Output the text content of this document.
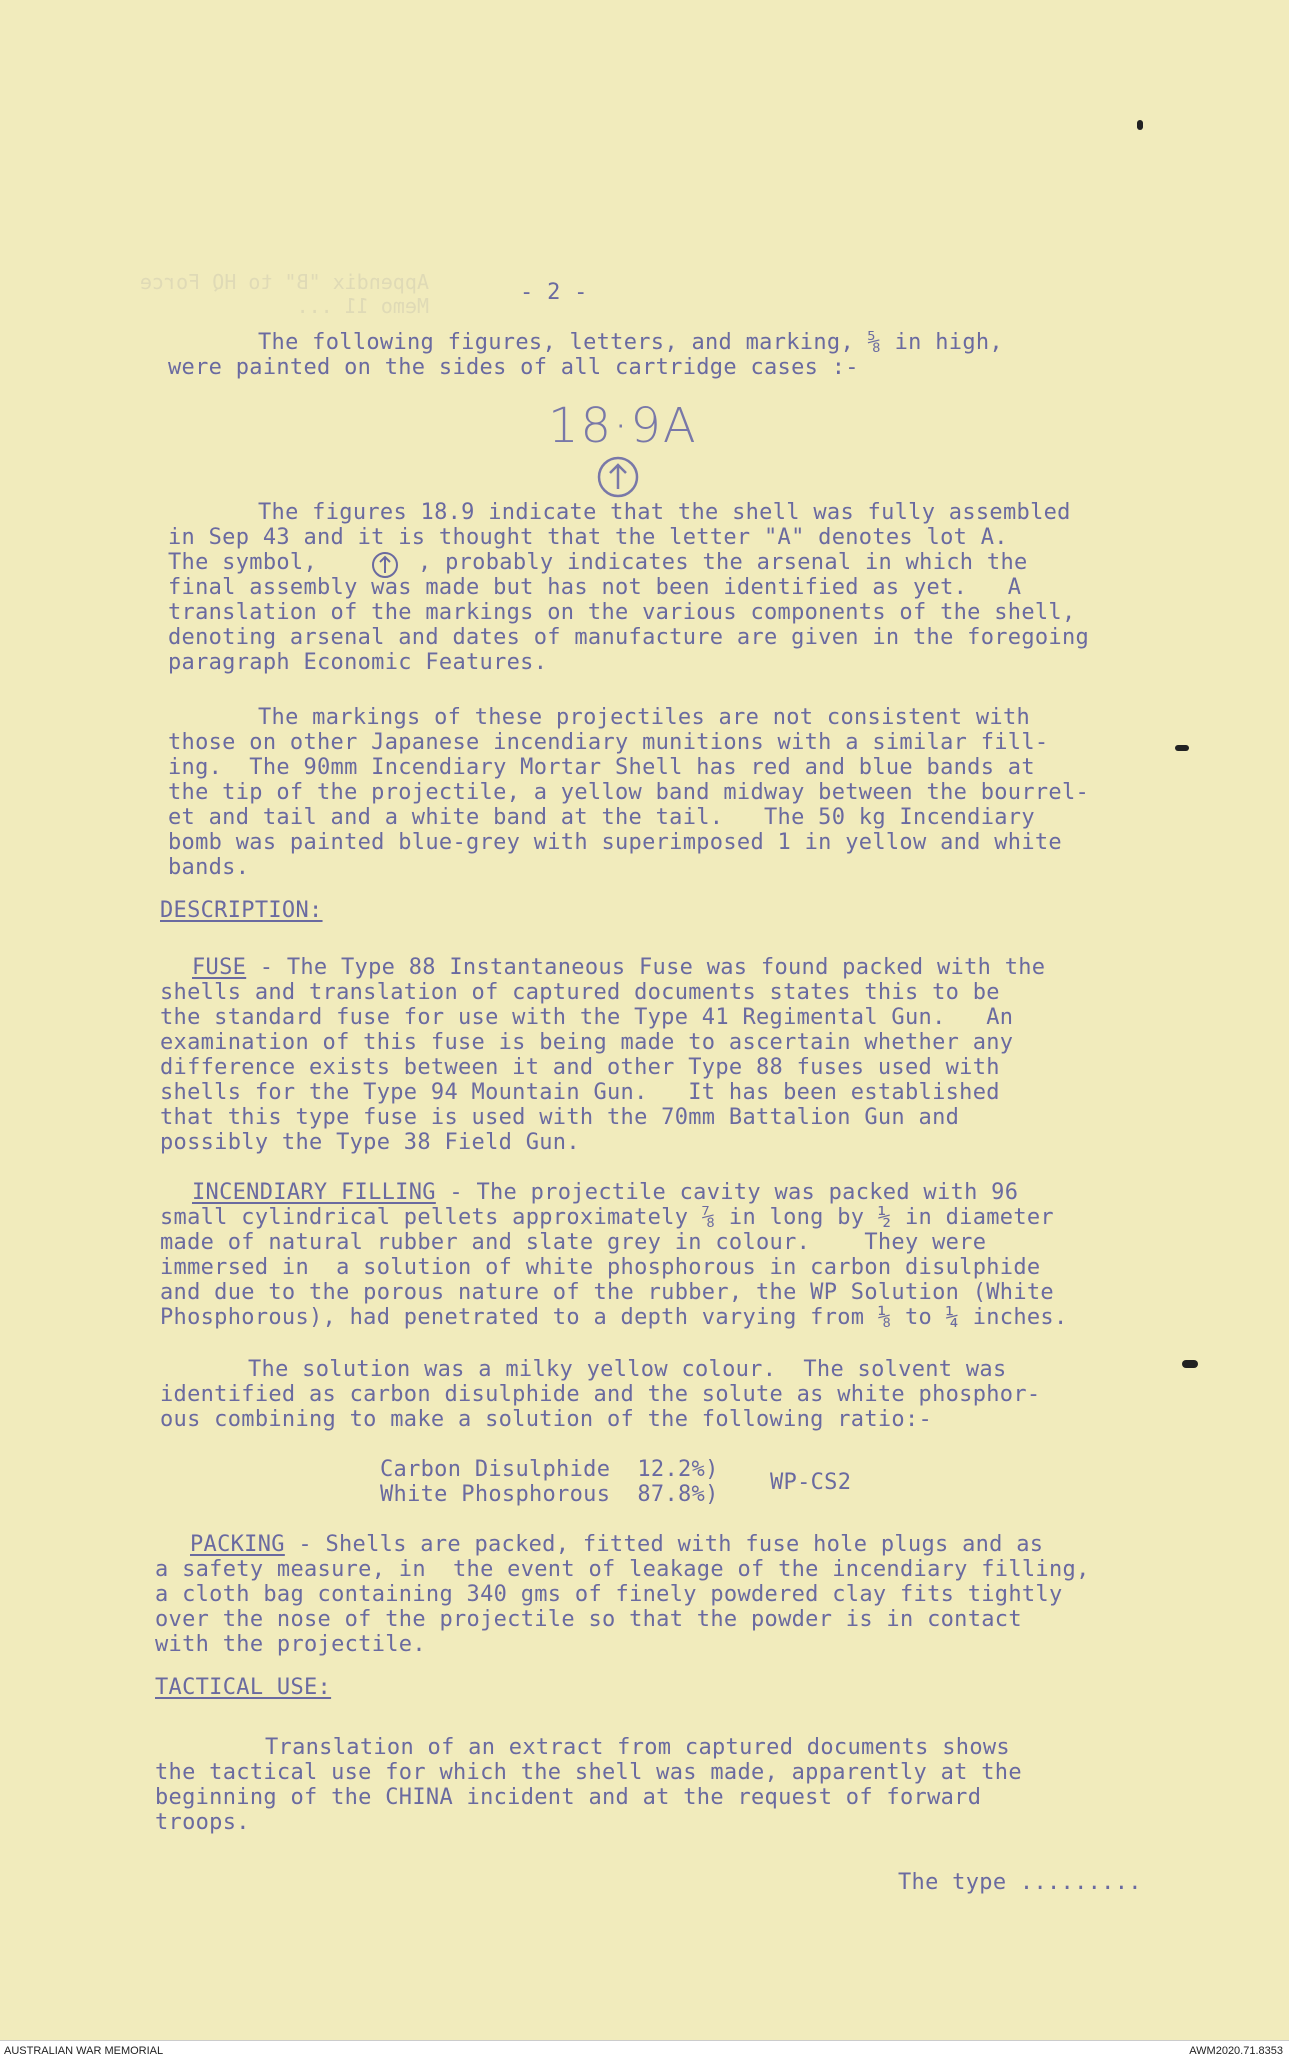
Appendix "B" to HQ Force
Memo 11 ...
- 2 -
The following figures, letters, and marking, ⅝ in high,
were painted on the sides of all cartridge cases :-
18·9A
The figures 18.9 indicate that the shell was fully assembled
in Sep 43 and it is thought that the letter "A" denotes lot A.
The symbol,	, probably indicates the arsenal in which the
final assembly was made but has not been identified as yet.   A
translation of the markings on the various components of the shell,
denoting arsenal and dates of manufacture are given in the foregoing
paragraph Economic Features.
The markings of these projectiles are not consistent with
those on other Japanese incendiary munitions with a similar fill-
ing.  The 90mm Incendiary Mortar Shell has red and blue bands at
the tip of the projectile, a yellow band midway between the bourrel-
et and tail and a white band at the tail.   The 50 kg Incendiary
bomb was painted blue-grey with superimposed 1 in yellow and white
bands.
DESCRIPTION:
FUSE - The Type 88 Instantaneous Fuse was found packed with the
shells and translation of captured documents states this to be
the standard fuse for use with the Type 41 Regimental Gun.   An
examination of this fuse is being made to ascertain whether any
difference exists between it and other Type 88 fuses used with
shells for the Type 94 Mountain Gun.   It has been established
that this type fuse is used with the 70mm Battalion Gun and
possibly the Type 38 Field Gun.
INCENDIARY FILLING - The projectile cavity was packed with 96
small cylindrical pellets approximately ⅞ in long by ½ in diameter
made of natural rubber and slate grey in colour.    They were
immersed in  a solution of white phosphorous in carbon disulphide
and due to the porous nature of the rubber, the WP Solution (White
Phosphorous), had penetrated to a depth varying from ⅛ to ¼ inches.
The solution was a milky yellow colour.  The solvent was
identified as carbon disulphide and the solute as white phosphor-
ous combining to make a solution of the following ratio:-
Carbon Disulphide  12.2%)
White Phosphorous  87.8%) WP-CS2
PACKING - Shells are packed, fitted with fuse hole plugs and as
a safety measure, in  the event of leakage of the incendiary filling,
a cloth bag containing 340 gms of finely powdered clay fits tightly
over the nose of the projectile so that the powder is in contact
with the projectile.
TACTICAL USE:
Translation of an extract from captured documents shows
the tactical use for which the shell was made, apparently at the
beginning of the CHINA incident and at the request of forward
troops.
The type .........
AUSTRALIAN WAR MEMORIAL	AWM2020.71.8353
